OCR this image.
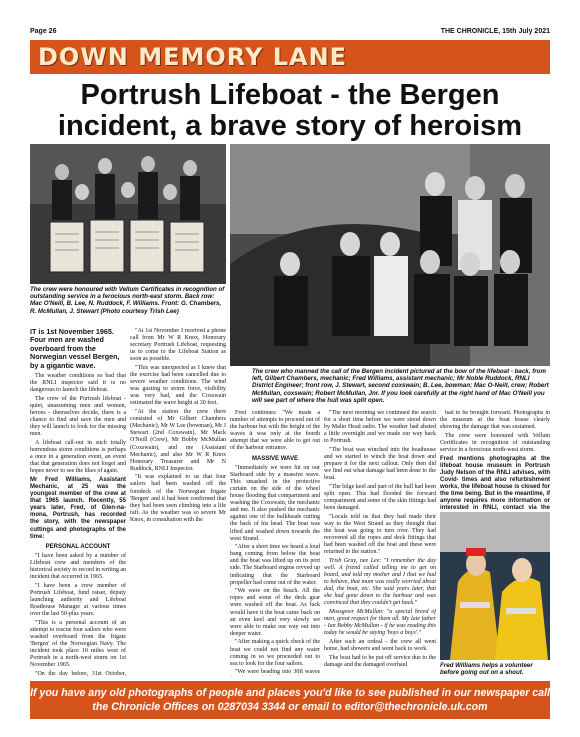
Page 26	THE CHRONICLE, 15th July 2021
DOWN MEMORY LANE
Portrush Lifeboat - the Bergen incident, a brave story of heroism
The crew were honoured with Vellum Certificates in recognition of outstanding service in a ferocious north-east storm. Back row: Mac O'Neill, B. Lee, N. Ruddock, F. Williams. Front: G. Chambers, R. McMullan, J. Stewart (Photo courtesy Trish Lee)
The crew who manned the call of the Bergen incident pictured at the bow of the lifeboat - back, from left, Gilbert Chambers, mechanic; Fred Williams, assistant mechanic; Mr Noble Ruddock, RNLI District Engineer; front row, J. Stewart, second coxswain; B. Lee, bowman; Mac O-Neill, crew; Robert McMullan, coxswain; Robert McMullan, Jnr. If you look carefully at the right hand of Mac O'Neill you will see part of where the hull was split open.

IT is 1st November 1965. Four men are washed overboard from the Norwegian vessel Bergen, by a gigantic wave.

The weather conditions so bad that the RNLI inspector said it is no dangerous to launch the lifeboat.

The crew of the Portrush lifeboat - quiet, unassuming men and women, heroes - themselves decide, there is a chance to find and save the men and they will launch to look for the missing men.

A lifeboat call-out in such totally horrendous storm conditions is perhaps a once in a generation event, an event that that generation does not forget and hopes never to see the likes of again.

Mr Fred Williams, Assistant Mechanic, at 25 was the youngest member of the crew at that 1965 launch. Recently, 55 years later, Fred, of Glen-na-mona, Portrush, has recorded the story, with the newspaper cuttings and photographs of the time:

PERSONAL ACCOUNT

"I have been asked by a number of Lifeboat crew and members of the historical society to record in writing an incident that occurred in 1965.

"I have been a crew member of Portrush Lifeboat, fund raiser, deputy launching authority and Lifeboat Boathouse Manager at various times over the last 50-plus years.

"This is a personal account of an attempt to rescue four sailors who were washed overboard from the frigate 'Bergen' of the Norwegian Navy. The incident took place 10 miles west of Portrush in a north-west storm on 1st November 1965.

"On the day before, 31st October,

"At 1st November I received a phone call from Mr W R Knox, Honorary secretary Portrush Lifeboat, requesting us to come to the Lifeboat Station as soon as possible.

"This was unexpected as I knew that the exercise had been cancelled due to severe weather conditions. The wind was gusting to storm force, visibility was very bad, and the Coxswain estimated the wave height at 30 feet.

"At the station the crew there consisted of Mr Gilbert Chambers (Mechanic), Mr W Lee (bowman), Mr J Stewart (2nd Coxswain), Mr Mack O'Neill (Crew), Mr Bobby McMullan (Coxswain), and me (Assistant Mechanic), and also Mr W R Knox Honorary Treasurer and Mr N Ruddock, RNLI Inspector.

"It was explained to us that four sailors had been washed off the foredeck of the Norwegian frigate 'Bergen' and it had been confirmed that they had been seen climbing into a life raft. As the weather was so severe Mr Knox, in consultation with the

Fred continues: "We made a number of attempts to proceed out of the harbour but with the height of the waves it was only at the fourth attempt that we were able to get out of the harbour entrance.

MASSIVE WAVE

"Immediately we were hit on our Starboard side by a massive wave. This smashed in the protective curtain on the side of the wheel house flooding that compartment and washing the Coxswain, the mechanic and me. It also pushed the mechanic against one of the bulkheads cutting the back of his head. The boat was lifted and washed down towards the west Strand.

"After a short time we heard a loud bang coming from below the boat and the boat was lifted up on its port side. The Starboard engine revved up indicating that the Starboard propeller had come out of the water.

"We were on the beach. All the ropes and some of the deck gear were washed off the boat. As luck would have it the boat came back on an even keel and very slowly we were able to make our way out into deeper water.

"After making a quick check of the boat we could not find any water coming in so we proceeded out to sea to look for the four sailors.

"We were heading into 30ft waves

"The next morning we continued the search for a short time before we were stood down by Malin Head radio. The weather had abated a little overnight and we made our way back to Portrush.

"The boat was winched into the boathouse and we started to winch the boat down and prepare it for the next callout. Only then did we find out what damage had been done to the boat.

"The bilge keel and part of the hull had been split open. This had flooded the forward compartment and some of the skin fittings had been damaged.

"Locals told us that they had made their way to the West Strand as they thought that the boat was going to turn over. They had recovered all the ropes and deck fittings that had been washed off the boat and these were returned to the station."

Trish Gray, nee Lee: "I remember the day well. A friend called telling me to get on board, and told my mother and I that we had to behave, that mum was really worried about dad, the boat, etc. She said years later, that she had gone down to the harbour and was convinced that they couldn't get back."

Mossgowr McMullan: "a special breed of men, great respect for them all. My late father - Ian Bobby McMullan - if he was reading this today he would be saying 'boys a boys'."

After such an ordeal - the crew all went home, had showers and went back to work.

The boat had to be put off service due to the damage and the damaged overhaul

had to be brought forward. Photographs in the museum at the boat house clearly showing the damage that was sustained.

The crew were honoured with Vellum Certificates in recognition of outstanding service in a ferocious north-west storm.

Fred mentions photographs at the lifeboat house museum in Portrush Judy Nelson of the RNLI advises, with Covid- times and also refurbishment works, the lifeboat house is closed for the time being. But in the meantime, if anyone requires more information or interested in RNLI, contact via the

Fred Williams helps a volunteer before going out on a shout.
If you have any old photographs of people and places you'd like to see published in our newspaper call
the Chronicle Offices on 0287034 3344 or email to editor@thechronicle.uk.com
